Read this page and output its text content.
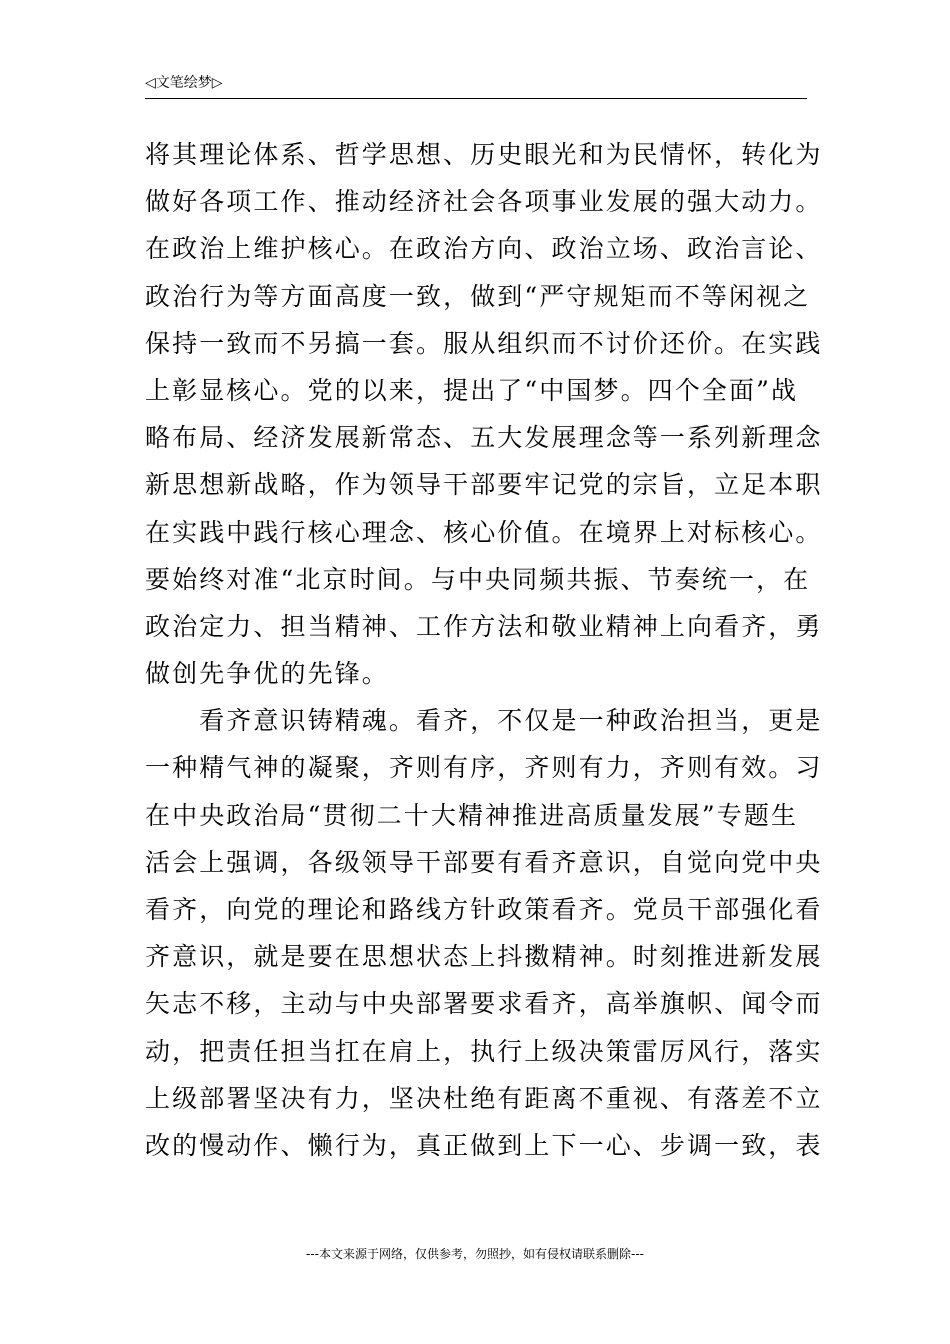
◁文笔绘梦▷
将其理论体系、哲学思想、历史眼光和为民情怀，转化为
做好各项工作、推动经济社会各项事业发展的强大动力。
在政治上维护核心。在政治方向、政治立场、政治言论、
政治行为等方面高度一致，做到“严守规矩而不等闲视之
保持一致而不另搞一套。服从组织而不讨价还价。在实践
上彰显核心。党的以来，提出了“中国梦。四个全面”战
略布局、经济发展新常态、五大发展理念等一系列新理念
新思想新战略，作为领导干部要牢记党的宗旨，立足本职
在实践中践行核心理念、核心价值。在境界上对标核心。
要始终对准“北京时间。与中央同频共振、节奏统一，在
政治定力、担当精神、工作方法和敬业精神上向看齐，勇
做创先争优的先锋。
　　看齐意识铸精魂。看齐，不仅是一种政治担当，更是
一种精气神的凝聚，齐则有序，齐则有力，齐则有效。习
在中央政治局“贯彻二十大精神推进高质量发展”专题生
活会上强调，各级领导干部要有看齐意识，自觉向党中央
看齐，向党的理论和路线方针政策看齐。党员干部强化看
齐意识，就是要在思想状态上抖擞精神。时刻推进新发展
矢志不移，主动与中央部署要求看齐，高举旗帜、闻令而
动，把责任担当扛在肩上，执行上级决策雷厉风行，落实
上级部署坚决有力，坚决杜绝有距离不重视、有落差不立
改的慢动作、懒行为，真正做到上下一心、步调一致，表
---本文来源于网络，仅供参考，勿照抄，如有侵权请联系删除---
